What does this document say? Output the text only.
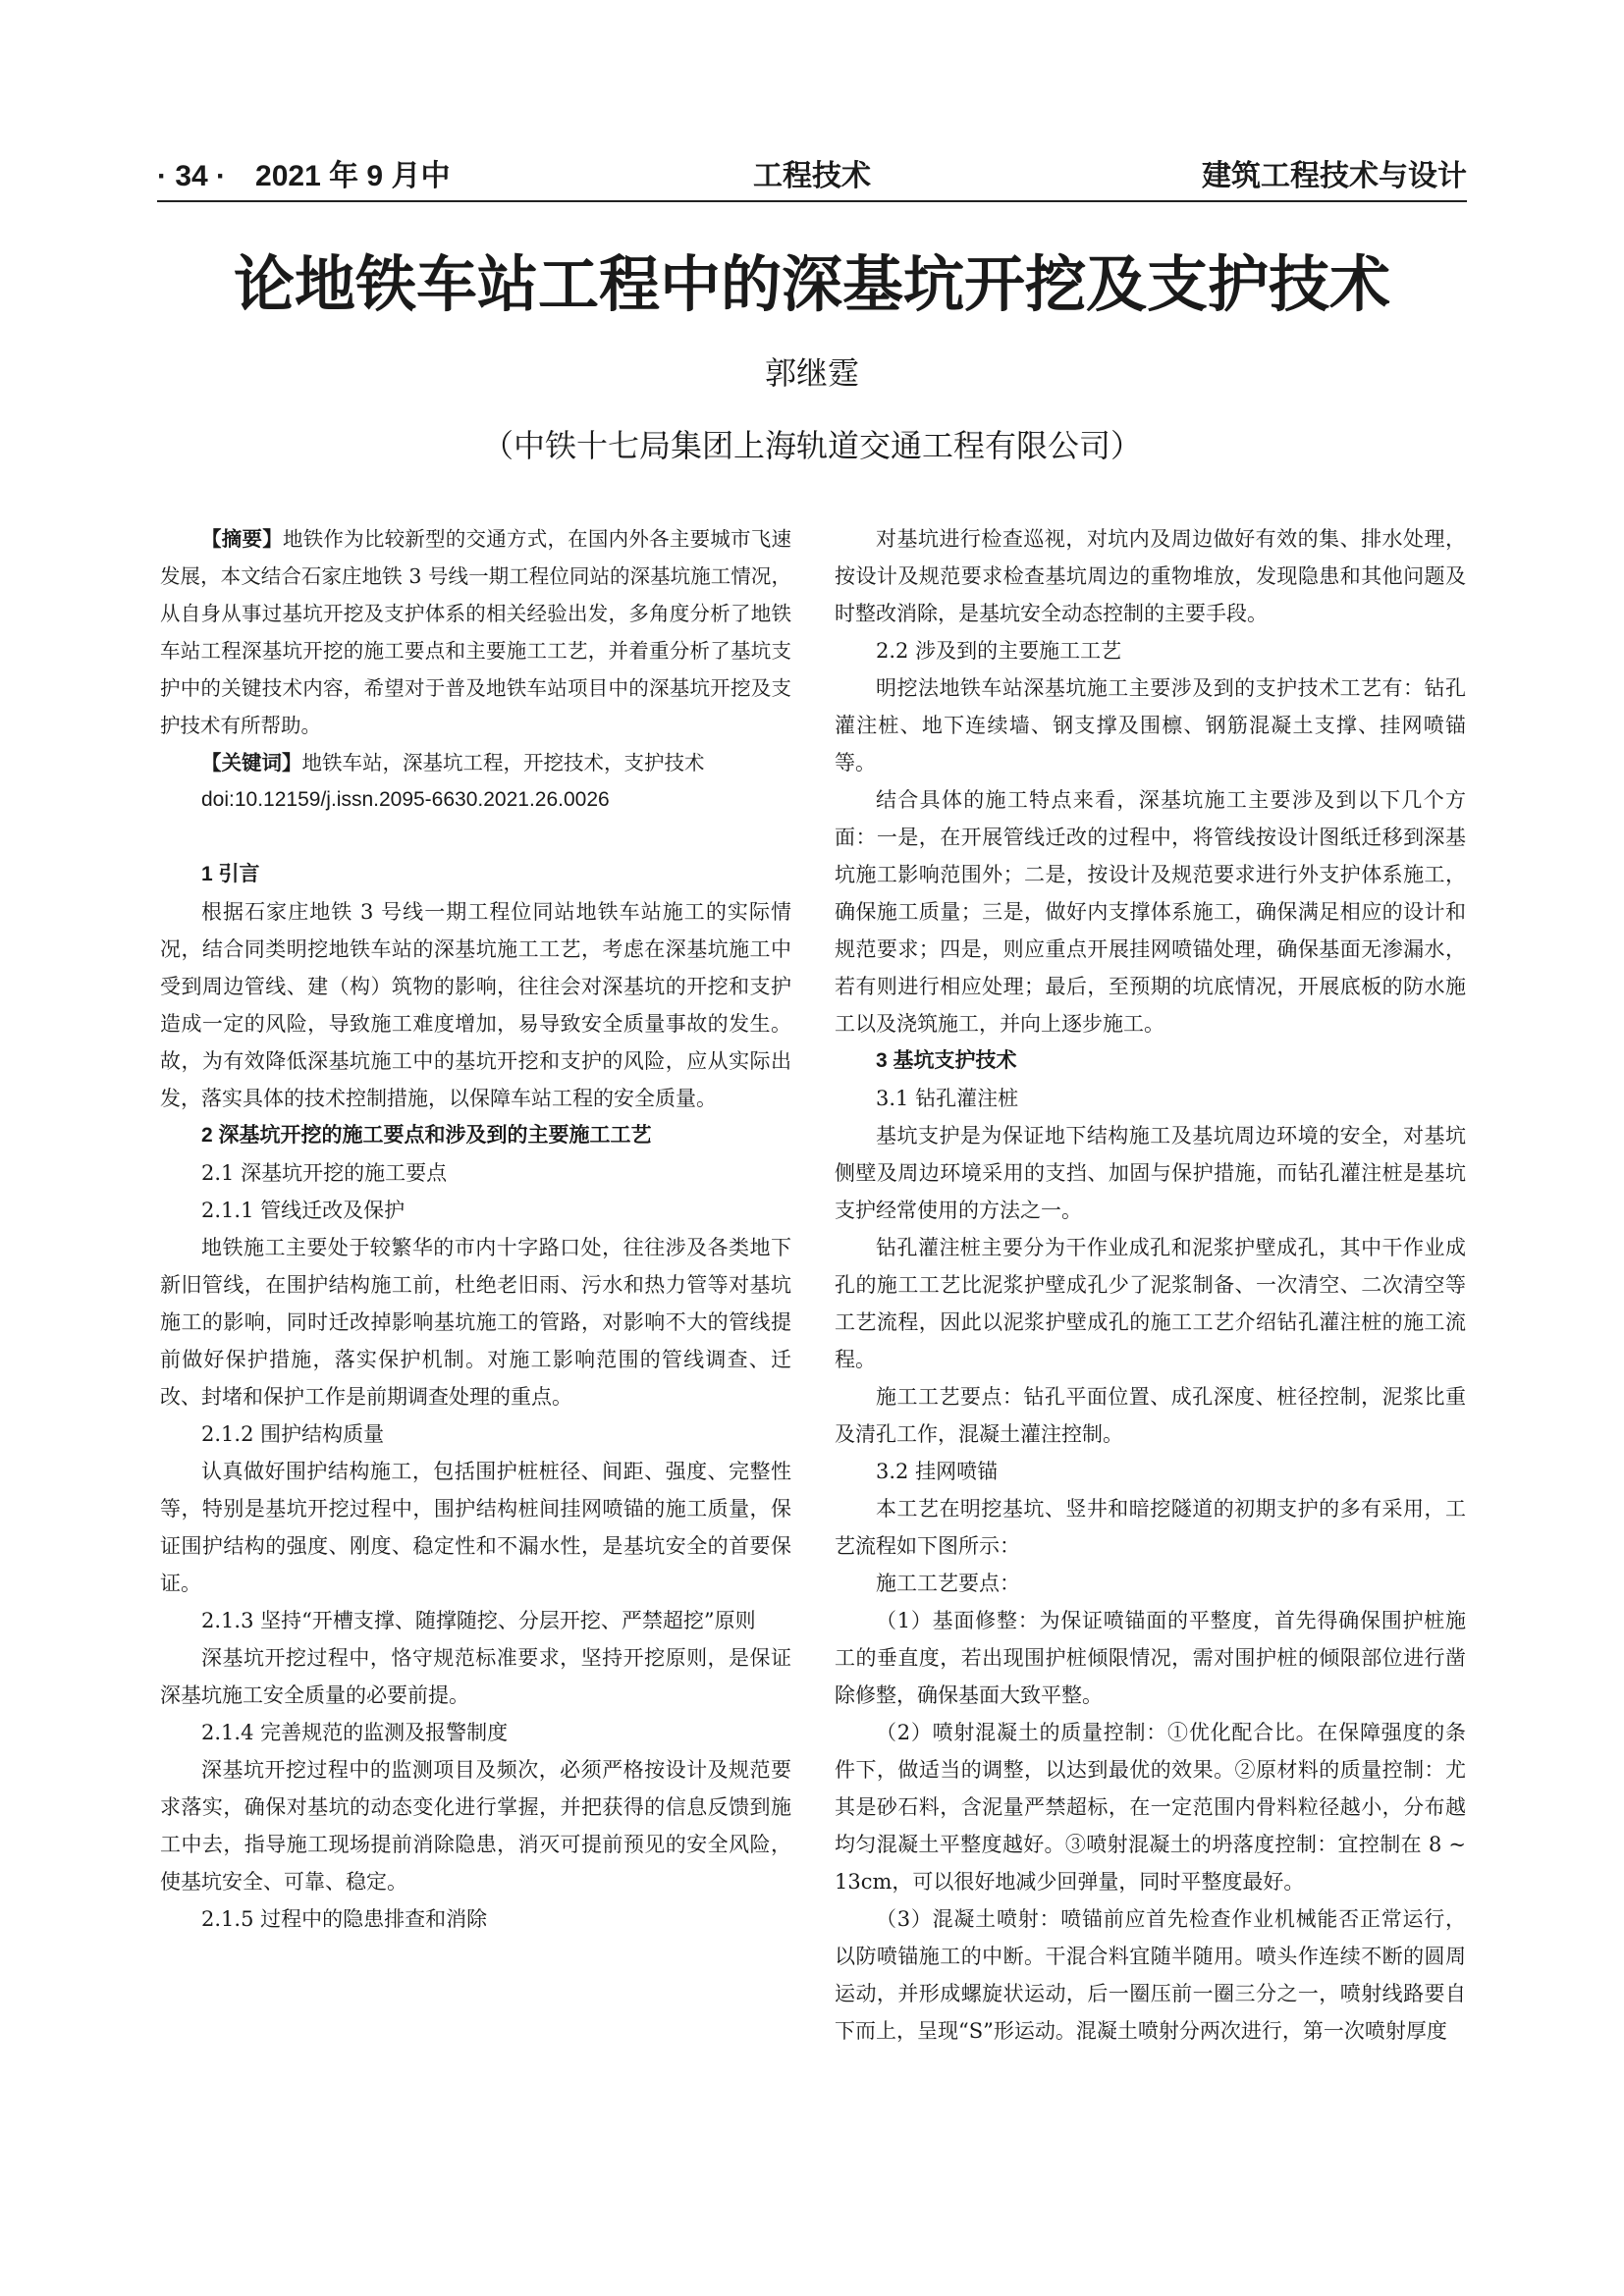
· 34 ·　2021 年 9 月中	工程技术	建筑工程技术与设计
论地铁车站工程中的深基坑开挖及支护技术
郭继霆
（中铁十七局集团上海轨道交通工程有限公司）

【摘要】地铁作为比较新型的交通方式，在国内外各主要城市飞速发展，本文结合石家庄地铁 3 号线一期工程位同站的深基坑施工情况，从自身从事过基坑开挖及支护体系的相关经验出发，多角度分析了地铁车站工程深基坑开挖的施工要点和主要施工工艺，并着重分析了基坑支护中的关键技术内容，希望对于普及地铁车站项目中的深基坑开挖及支护技术有所帮助。

【关键词】地铁车站，深基坑工程，开挖技术，支护技术

doi:10.12159/j.issn.2095-6630.2021.26.0026

1 引言

根据石家庄地铁 3 号线一期工程位同站地铁车站施工的实际情况，结合同类明挖地铁车站的深基坑施工工艺，考虑在深基坑施工中受到周边管线、建（构）筑物的影响，往往会对深基坑的开挖和支护造成一定的风险，导致施工难度增加，易导致安全质量事故的发生。故，为有效降低深基坑施工中的基坑开挖和支护的风险，应从实际出发，落实具体的技术控制措施，以保障车站工程的安全质量。

2 深基坑开挖的施工要点和涉及到的主要施工工艺

2.1 深基坑开挖的施工要点

2.1.1 管线迁改及保护

地铁施工主要处于较繁华的市内十字路口处，往往涉及各类地下新旧管线，在围护结构施工前，杜绝老旧雨、污水和热力管等对基坑施工的影响，同时迁改掉影响基坑施工的管路，对影响不大的管线提前做好保护措施，落实保护机制。对施工影响范围的管线调查、迁改、封堵和保护工作是前期调查处理的重点。

2.1.2 围护结构质量

认真做好围护结构施工，包括围护桩桩径、间距、强度、完整性等，特别是基坑开挖过程中，围护结构桩间挂网喷锚的施工质量，保证围护结构的强度、刚度、稳定性和不漏水性，是基坑安全的首要保证。

2.1.3 坚持“开槽支撑、随撑随挖、分层开挖、严禁超挖”原则

深基坑开挖过程中，恪守规范标准要求，坚持开挖原则，是保证深基坑施工安全质量的必要前提。

2.1.4 完善规范的监测及报警制度

深基坑开挖过程中的监测项目及频次，必须严格按设计及规范要求落实，确保对基坑的动态变化进行掌握，并把获得的信息反馈到施工中去，指导施工现场提前消除隐患，消灭可提前预见的安全风险，使基坑安全、可靠、稳定。

2.1.5 过程中的隐患排查和消除

对基坑进行检查巡视，对坑内及周边做好有效的集、排水处理，按设计及规范要求检查基坑周边的重物堆放，发现隐患和其他问题及时整改消除，是基坑安全动态控制的主要手段。

2.2 涉及到的主要施工工艺

明挖法地铁车站深基坑施工主要涉及到的支护技术工艺有：钻孔灌注桩、地下连续墙、钢支撑及围檩、钢筋混凝土支撑、挂网喷锚等。

结合具体的施工特点来看，深基坑施工主要涉及到以下几个方面：一是，在开展管线迁改的过程中，将管线按设计图纸迁移到深基坑施工影响范围外；二是，按设计及规范要求进行外支护体系施工，确保施工质量；三是，做好内支撑体系施工，确保满足相应的设计和规范要求；四是，则应重点开展挂网喷锚处理，确保基面无渗漏水，若有则进行相应处理；最后，至预期的坑底情况，开展底板的防水施工以及浇筑施工，并向上逐步施工。

3 基坑支护技术

3.1 钻孔灌注桩

基坑支护是为保证地下结构施工及基坑周边环境的安全，对基坑侧壁及周边环境采用的支挡、加固与保护措施，而钻孔灌注桩是基坑支护经常使用的方法之一。

钻孔灌注桩主要分为干作业成孔和泥浆护壁成孔，其中干作业成孔的施工工艺比泥浆护壁成孔少了泥浆制备、一次清空、二次清空等工艺流程，因此以泥浆护壁成孔的施工工艺介绍钻孔灌注桩的施工流程。

施工工艺要点：钻孔平面位置、成孔深度、桩径控制，泥浆比重及清孔工作，混凝土灌注控制。

3.2 挂网喷锚

本工艺在明挖基坑、竖井和暗挖隧道的初期支护的多有采用，工艺流程如下图所示：

施工工艺要点：

（1）基面修整：为保证喷锚面的平整度，首先得确保围护桩施工的垂直度，若出现围护桩倾限情况，需对围护桩的倾限部位进行凿除修整，确保基面大致平整。

（2）喷射混凝土的质量控制：①优化配合比。在保障强度的条件下，做适当的调整，以达到最优的效果。②原材料的质量控制：尤其是砂石料，含泥量严禁超标，在一定范围内骨料粒径越小，分布越均匀混凝土平整度越好。③喷射混凝土的坍落度控制：宜控制在 8 ~ 13cm，可以很好地减少回弹量，同时平整度最好。

（3）混凝土喷射：喷锚前应首先检查作业机械能否正常运行，以防喷锚施工的中断。干混合料宜随半随用。喷头作连续不断的圆周运动，并形成螺旋状运动，后一圈压前一圈三分之一，喷射线路要自下而上，呈现“S”形运动。混凝土喷射分两次进行，第一次喷射厚度
